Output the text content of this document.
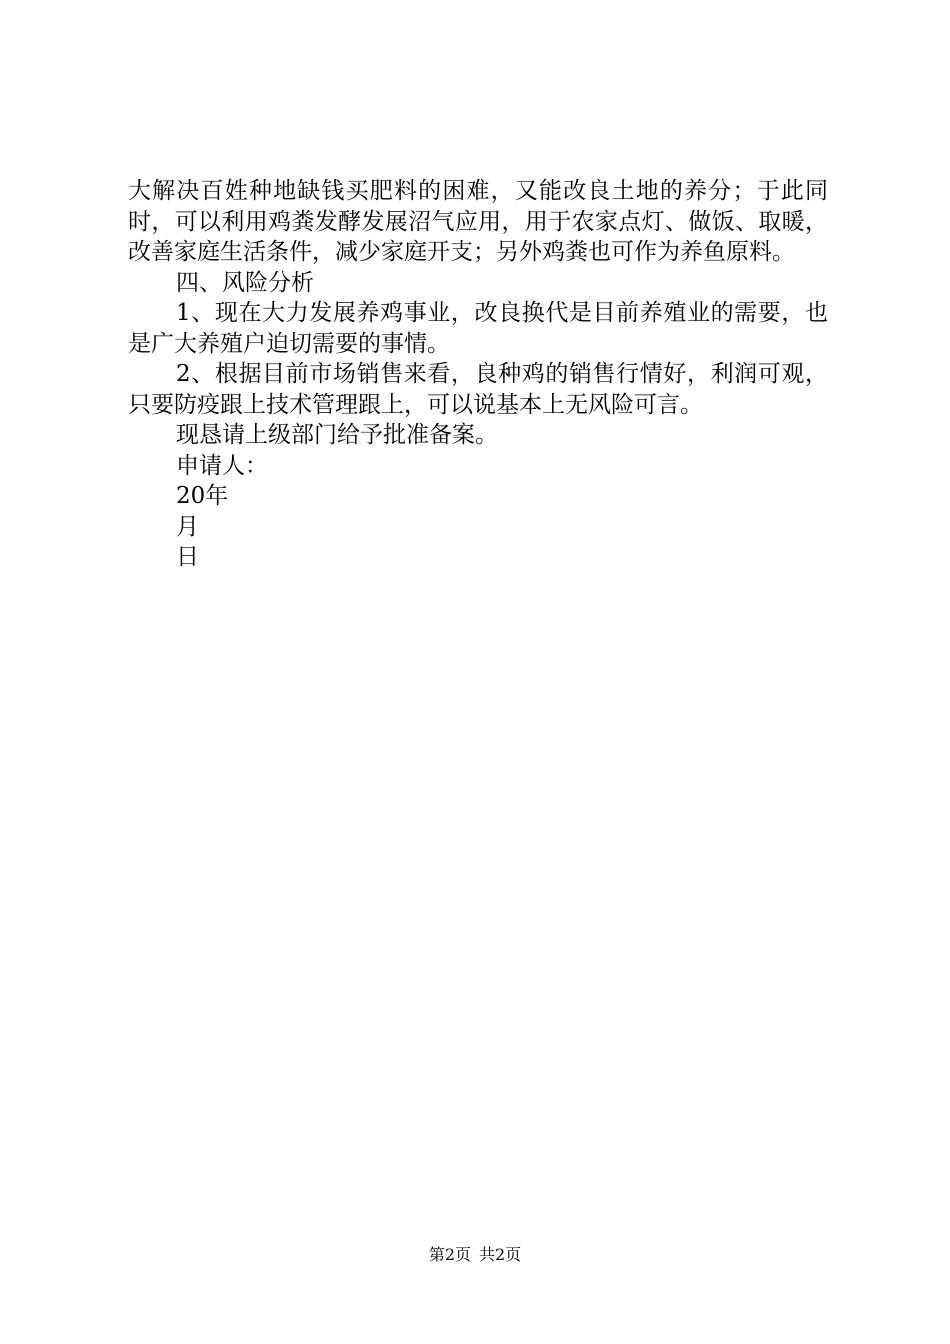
大解决百姓种地缺钱买肥料的困难，又能改良土地的养分；于此同时，可以利用鸡粪发酵发展沼气应用，用于农家点灯、做饭、取暖，改善家庭生活条件，减少家庭开支；另外鸡粪也可作为养鱼原料。

四、风险分析

1、现在大力发展养鸡事业，改良换代是目前养殖业的需要，也是广大养殖户迫切需要的事情。

2、根据目前市场销售来看，良种鸡的销售行情好，利润可观，只要防疫跟上技术管理跟上，可以说基本上无风险可言。

现恳请上级部门给予批准备案。

申请人：

20年

月

日

第2页 共2页
